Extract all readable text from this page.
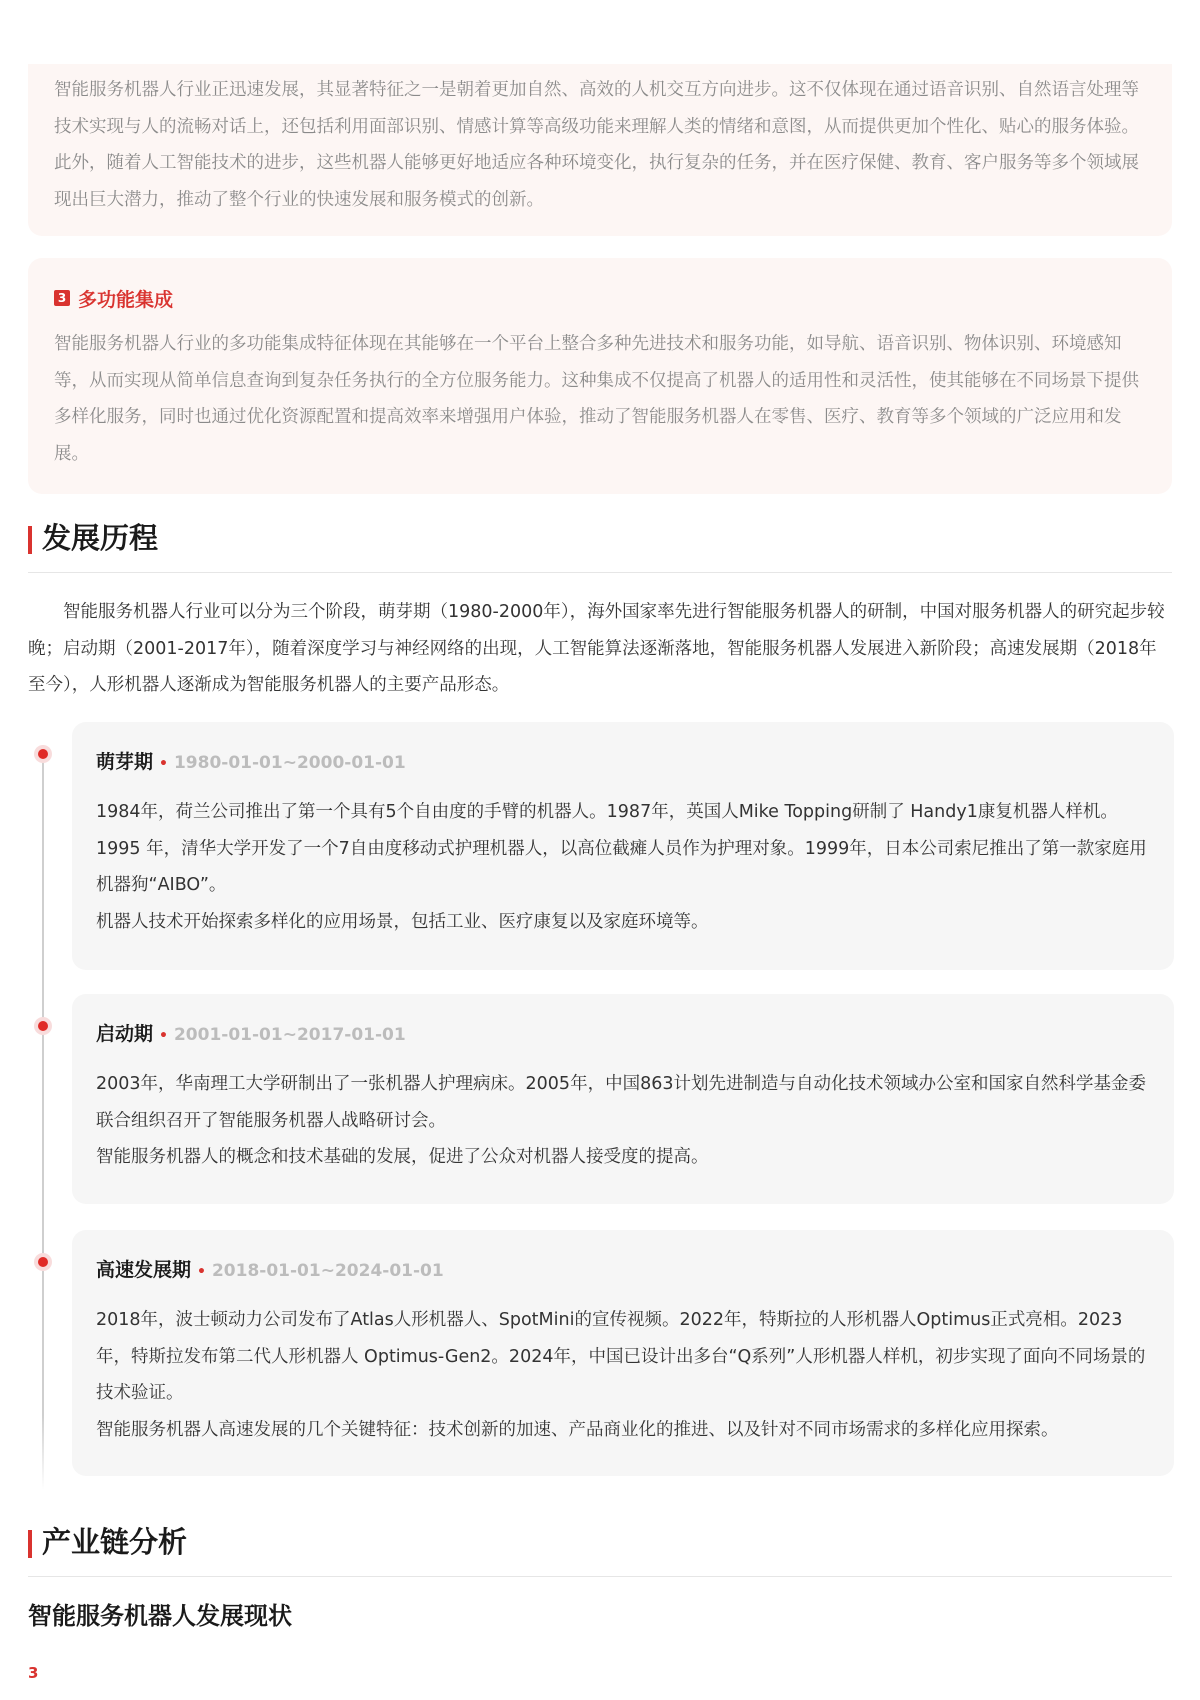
智能服务机器人行业正迅速发展，其显著特征之一是朝着更加自然、高效的人机交互方向进步。这不仅体现在通过语音识别、自然语言处理等技术实现与人的流畅对话上，还包括利用面部识别、情感计算等高级功能来理解人类的情绪和意图，从而提供更加个性化、贴心的服务体验。此外，随着人工智能技术的进步，这些机器人能够更好地适应各种环境变化，执行复杂的任务，并在医疗保健、教育、客户服务等多个领域展现出巨大潜力，推动了整个行业的快速发展和服务模式的创新。

3 多功能集成

智能服务机器人行业的多功能集成特征体现在其能够在一个平台上整合多种先进技术和服务功能，如导航、语音识别、物体识别、环境感知等，从而实现从简单信息查询到复杂任务执行的全方位服务能力。这种集成不仅提高了机器人的适用性和灵活性，使其能够在不同场景下提供多样化服务，同时也通过优化资源配置和提高效率来增强用户体验，推动了智能服务机器人在零售、医疗、教育等多个领域的广泛应用和发展。

发展历程

智能服务机器人行业可以分为三个阶段，萌芽期（1980-2000年），海外国家率先进行智能服务机器人的研制，中国对服务机器人的研究起步较晚；启动期（2001-2017年），随着深度学习与神经网络的出现，人工智能算法逐渐落地，智能服务机器人发展进入新阶段；高速发展期（2018年至今），人形机器人逐渐成为智能服务机器人的主要产品形态。

萌芽期 • 1980-01-01~2000-01-01

1984年，荷兰公司推出了第一个具有5个自由度的手臂的机器人。1987年，英国人Mike Topping研制了 Handy1康复机器人样机。1995 年，清华大学开发了一个7自由度移动式护理机器人，以高位截瘫人员作为护理对象。1999年，日本公司索尼推出了第一款家庭用机器狗“AIBO”。

机器人技术开始探索多样化的应用场景，包括工业、医疗康复以及家庭环境等。

启动期 • 2001-01-01~2017-01-01

2003年，华南理工大学研制出了一张机器人护理病床。2005年，中国863计划先进制造与自动化技术领域办公室和国家自然科学基金委联合组织召开了智能服务机器人战略研讨会。

智能服务机器人的概念和技术基础的发展，促进了公众对机器人接受度的提高。

高速发展期 • 2018-01-01~2024-01-01

2018年，波士顿动力公司发布了Atlas人形机器人、SpotMini的宣传视频。2022年，特斯拉的人形机器人Optimus正式亮相。2023年，特斯拉发布第二代人形机器人 Optimus-Gen2。2024年，中国已设计出多台“Q系列”人形机器人样机，初步实现了面向不同场景的技术验证。

智能服务机器人高速发展的几个关键特征：技术创新的加速、产品商业化的推进、以及针对不同市场需求的多样化应用探索。

产业链分析
智能服务机器人发展现状
3
